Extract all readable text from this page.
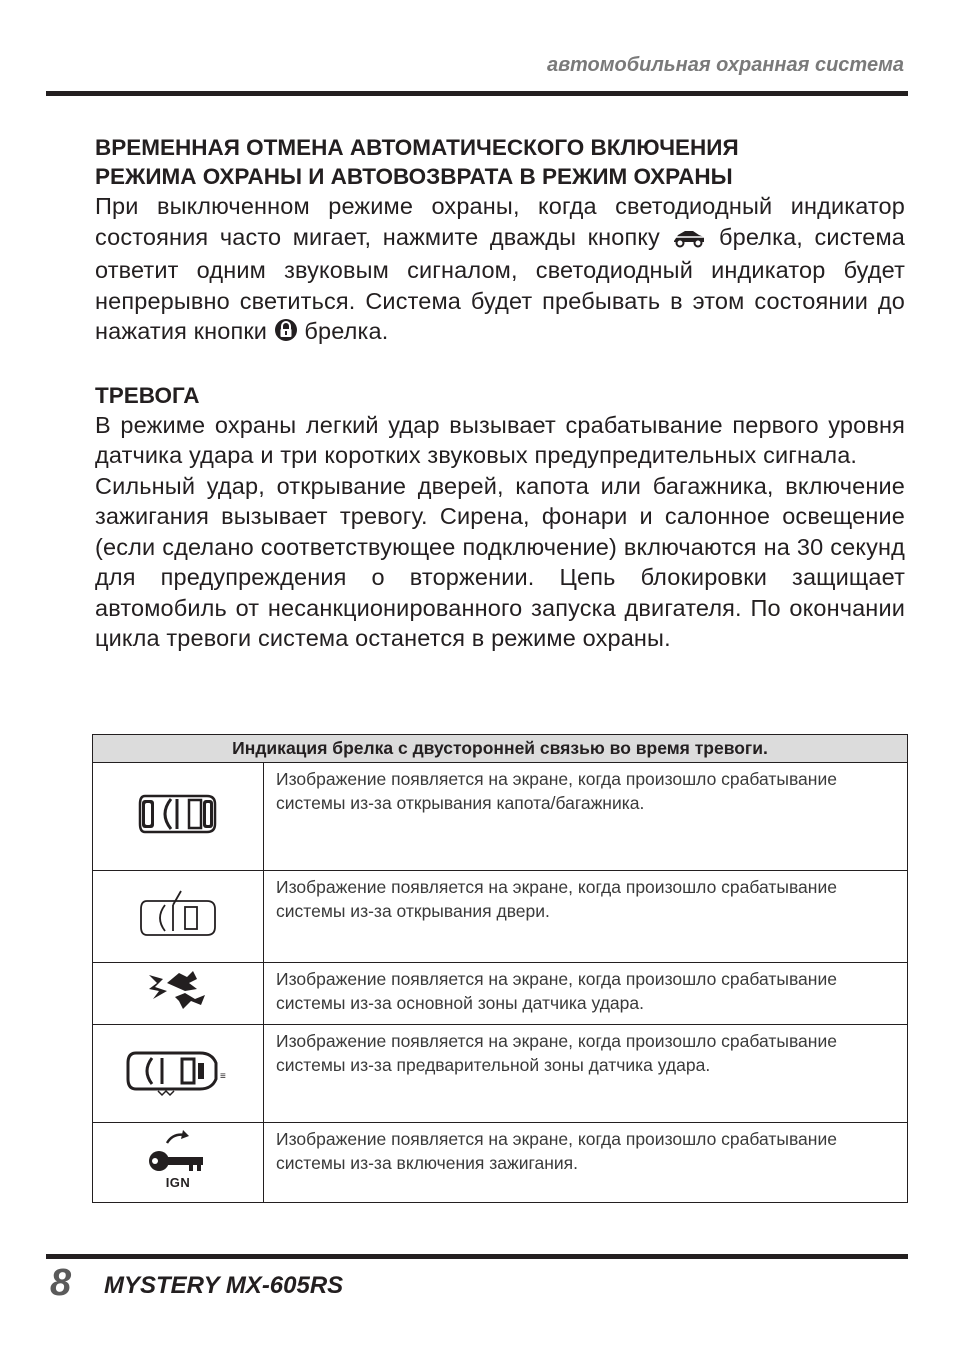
автомобильная охранная система

ВРЕМЕННАЯ ОТМЕНА АВТОМАТИЧЕСКОГО ВКЛЮЧЕНИЯ
РЕЖИМА ОХРАНЫ И АВТОВОЗВРАТА В РЕЖИМ ОХРАНЫ

При выключенном режиме охраны, когда светодиодный индикатор состояния часто мигает, нажмите дважды кнопку	брелка, система ответит одним звуковым сигналом, светодиодный индикатор будет непрерывно светиться. Система будет пребывать в этом состоянии до нажатия кнопки брелка.

ТРЕВОГА

В режиме охраны легкий удар вызывает срабатывание первого уровня датчика удара и три коротких звуковых предупредительных сигнала.

Сильный удар, открывание дверей, капота или багажника, включение зажигания вызывает тревогу. Сирена, фонари и салонное освещение (если сделано соответствующее подключение) включаются на 30 секунд для предупреждения о вторжении. Цепь блокировки защищает автомобиль от несанкционированного запуска двигателя. По окончании цикла тревоги система останется в режиме охраны.

Индикация брелка с двусторонней связью во время тревоги.	
	Изображение появляется на экране, когда произошло срабатывание системы из-за открывания капота/багажника.
	Изображение появляется на экране, когда произошло срабатывание системы из-за открывания двери.
	Изображение появляется на экране, когда произошло срабатывание системы из-за основной зоны датчика удара.

≡	Изображение появляется на экране, когда произошло срабатывание системы из-за предварительной зоны датчика удара.

IGN	Изображение появляется на экране, когда произошло срабатывание системы из-за включения зажигания.
8 MYSTERY MX-605RS
